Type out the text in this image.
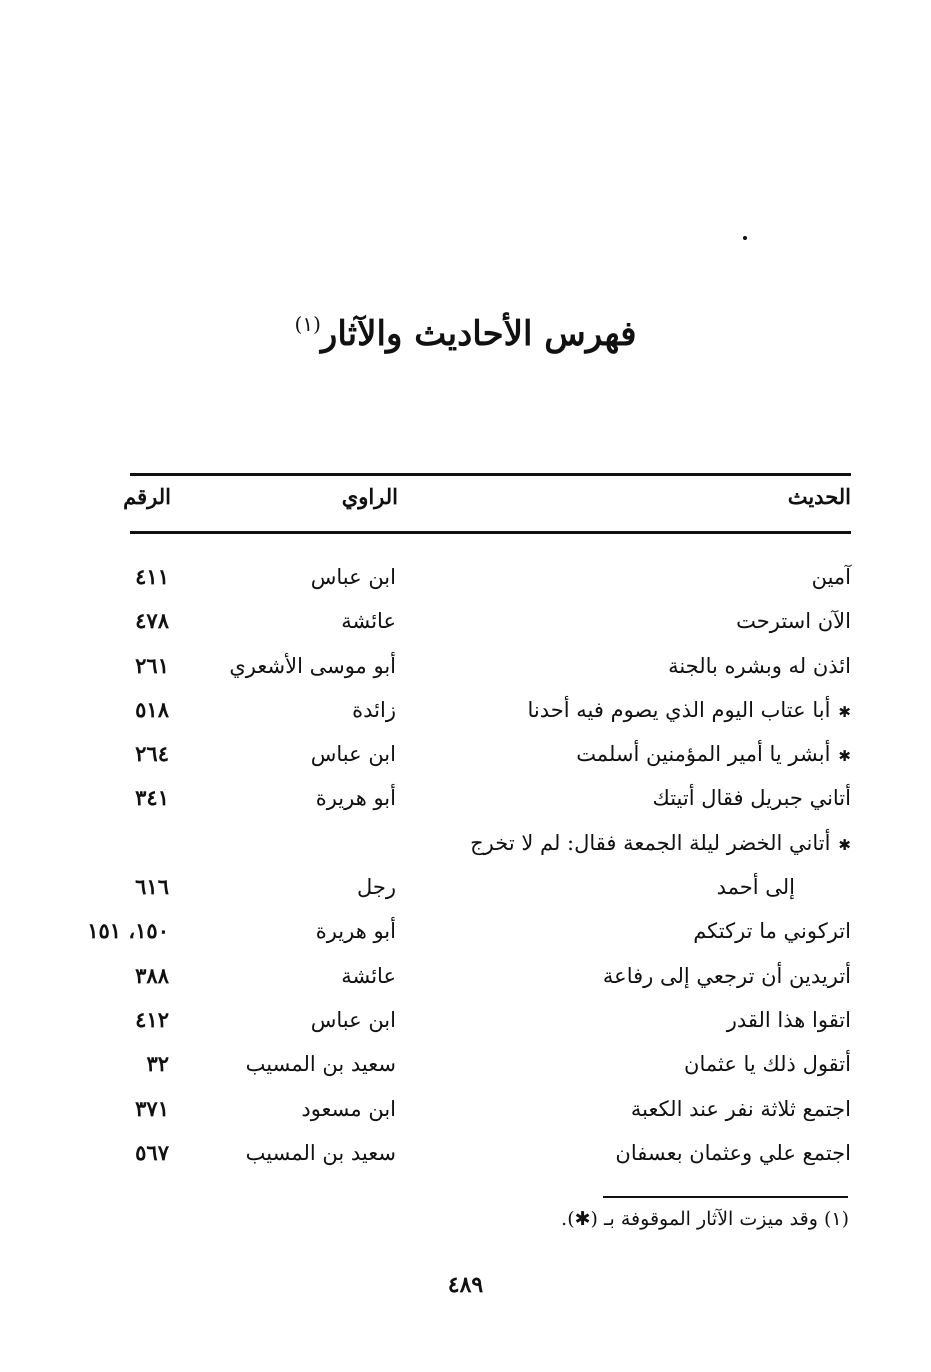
فهرس الأحاديث والآثار$^{(١)}$
الحديث
الراوي
الرقم
آمين
ابن عباس
٤١١
الآن استرحت
عائشة
٤٧٨
ائذن له وبشره بالجنة
أبو موسى الأشعري
٢٦١
✱أبا عتاب اليوم الذي يصوم فيه أحدنا
زائدة
٥١٨
✱أبشر يا أمير المؤمنين أسلمت
ابن عباس
٢٦٤
أتاني جبريل فقال أتيتك
أبو هريرة
٣٤١
✱أتاني الخضر ليلة الجمعة فقال: لم لا تخرج
إلى أحمد
رجل
٦١٦
اتركوني ما تركتكم
أبو هريرة
١٥٠، ١٥١
أتريدين أن ترجعي إلى رفاعة
عائشة
٣٨٨
اتقوا هذا القدر
ابن عباس
٤١٢
أتقول ذلك يا عثمان
سعيد بن المسيب
٣٢
اجتمع ثلاثة نفر عند الكعبة
ابن مسعود
٣٧١
اجتمع علي وعثمان بعسفان
سعيد بن المسيب
٥٦٧
(١) وقد ميزت الآثار الموقوفة بـ (✱).
٤٨٩
